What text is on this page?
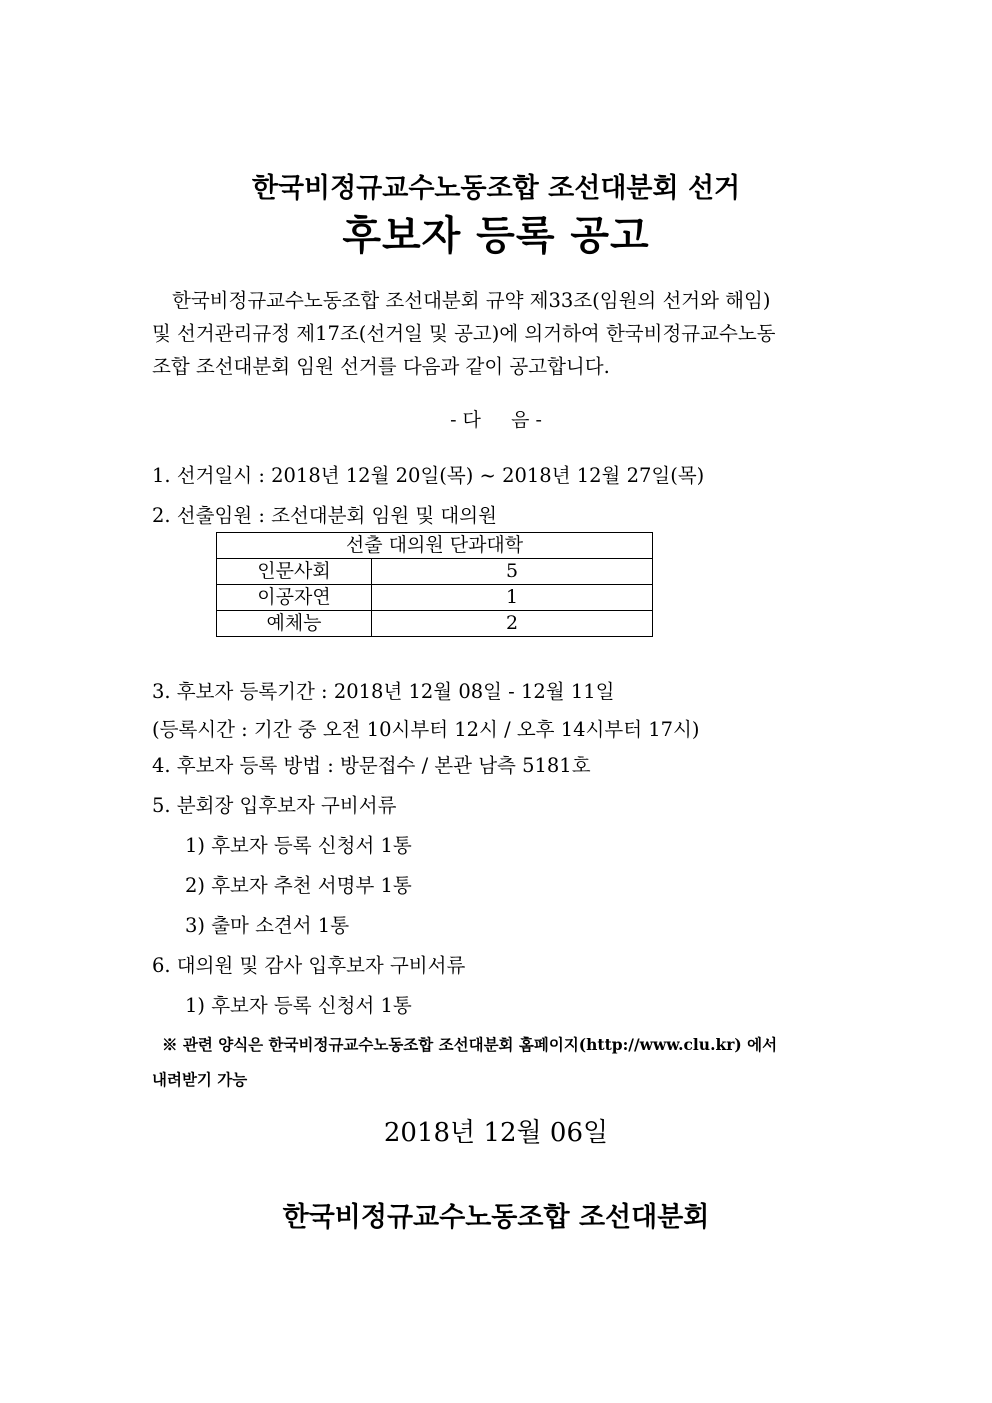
한국비정규교수노동조합 조선대분회 선거
후보자 등록 공고
한국비정규교수노동조합 조선대분회 규약 제33조(임원의 선거와 해임)
및 선거관리규정 제17조(선거일 및 공고)에 의거하여 한국비정규교수노동
조합 조선대분회 임원 선거를 다음과 같이 공고합니다.
- 다     음 -
1. 선거일시 : 2018년 12월 20일(목) ~ 2018년 12월 27일(목)
2. 선출임원 : 조선대분회 임원 및 대의원
선출 대의원 단과대학	
인문사회	5
이공자연	1
예체능	2
3. 후보자 등록기간 : 2018년 12월 08일 - 12월 11일
(등록시간 : 기간 중 오전 10시부터 12시 / 오후 14시부터 17시)
4. 후보자 등록 방법 : 방문접수 / 본관 남측 5181호
5. 분회장 입후보자 구비서류
1) 후보자 등록 신청서 1통
2) 후보자 추천 서명부 1통
3) 출마 소견서 1통
6. 대의원 및 감사 입후보자 구비서류
1) 후보자 등록 신청서 1통
※ 관련 양식은 한국비정규교수노동조합 조선대분회 홈페이지(http://www.clu.kr) 에서
내려받기 가능
2018년 12월 06일
한국비정규교수노동조합 조선대분회
